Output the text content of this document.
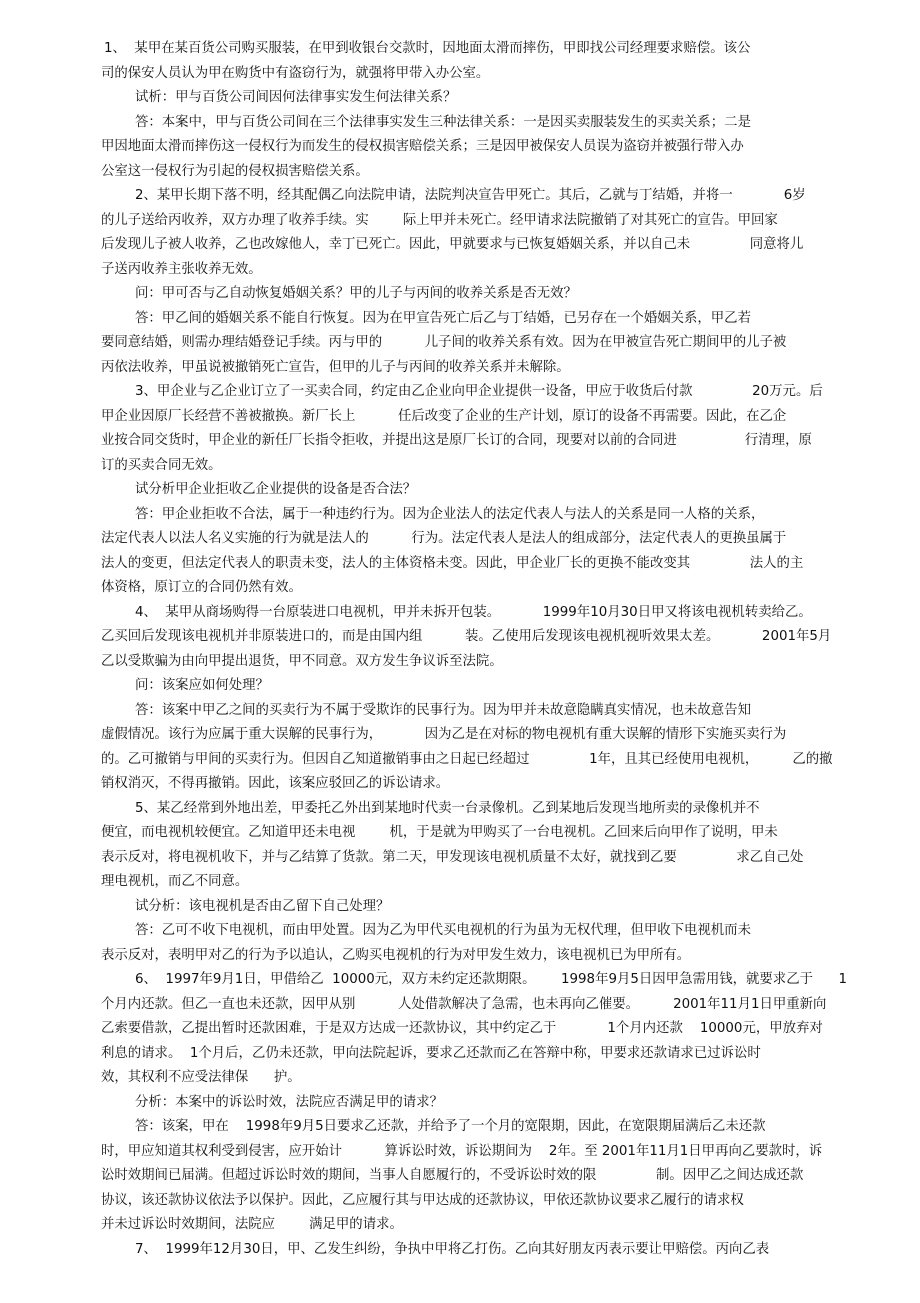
1、  某甲在某百货公司购买服装，在甲到收银台交款时，因地面太滑而摔伤，甲即找公司经理要求赔偿。该公
司的保安人员认为甲在购货中有盗窃行为，就强将甲带入办公室。
试析：甲与百货公司间因何法律事实发生何法律关系？
答：本案中，甲与百货公司间在三个法律事实发生三种法律关系：一是因买卖服装发生的买卖关系；二是
甲因地面太滑而摔伤这一侵权行为而发生的侵权损害赔偿关系；三是因甲被保安人员误为盗窃并被强行带入办
公室这一侵权行为引起的侵权损害赔偿关系。
2、某甲长期下落不明，经其配偶乙向法院申请，法院判决宣告甲死亡。其后，乙就与丁结婚，并将一            6岁
的儿子送给丙收养，双方办理了收养手续。实        际上甲并未死亡。经甲请求法院撤销了对其死亡的宣告。甲回家
后发现儿子被人收养，乙也改嫁他人，幸丁已死亡。因此，甲就要求与已恢复婚姻关系，并以自己未              同意将儿
子送丙收养主张收养无效。
问：甲可否与乙自动恢复婚姻关系？甲的儿子与丙间的收养关系是否无效？
答：甲乙间的婚姻关系不能自行恢复。因为在甲宣告死亡后乙与丁结婚，已另存在一个婚姻关系，甲乙若
要同意结婚，则需办理结婚登记手续。丙与甲的          儿子间的收养关系有效。因为在甲被宣告死亡期间甲的儿子被
丙依法收养，甲虽说被撤销死亡宣告，但甲的儿子与丙间的收养关系并未解除。
3、甲企业与乙企业订立了一买卖合同，约定由乙企业向甲企业提供一设备，甲应于收货后付款              20万元。后
甲企业因原厂长经营不善被撤换。新厂长上          任后改变了企业的生产计划，原订的设备不再需要。因此，在乙企
业按合同交货时，甲企业的新任厂长指令拒收，并提出这是原厂长订的合同，现要对以前的合同进                行清理，原
订的买卖合同无效。
试分析甲企业拒收乙企业提供的设备是否合法？
答：甲企业拒收不合法，属于一种违约行为。因为企业法人的法定代表人与法人的关系是同一人格的关系，
法定代表人以法人名义实施的行为就是法人的          行为。法定代表人是法人的组成部分，法定代表人的更换虽属于
法人的变更，但法定代表人的职责未变，法人的主体资格未变。因此，甲企业厂长的更换不能改变其              法人的主
体资格，原订立的合同仍然有效。
4、  某甲从商场购得一台原装进口电视机，甲并未拆开包装。          1999年10月30日甲又将该电视机转卖给乙。
乙买回后发现该电视机并非原装进口的，而是由国内组          装。乙使用后发现该电视机视听效果太差。          2001年5月
乙以受欺骗为由向甲提出退货，甲不同意。双方发生争议诉至法院。
问：该案应如何处理？
答：该案中甲乙之间的买卖行为不属于受欺诈的民事行为。因为甲并未故意隐瞒真实情况，也未故意告知
虚假情况。该行为应属于重大误解的民事行为，          因为乙是在对标的物电视机有重大误解的情形下实施买卖行为
的。乙可撤销与甲间的买卖行为。但因自乙知道撤销事由之日起已经超过              1年，且其已经使用电视机，        乙的撤
销权消灭，不得再撤销。因此，该案应驳回乙的诉讼请求。
5、某乙经常到外地出差，甲委托乙外出到某地时代卖一台录像机。乙到某地后发现当地所卖的录像机并不
便宜，而电视机较便宜。乙知道甲还未电视        机，于是就为甲购买了一台电视机。乙回来后向甲作了说明，甲未
表示反对，将电视机收下，并与乙结算了货款。第二天，甲发现该电视机质量不太好，就找到乙要              求乙自己处
理电视机，而乙不同意。
试分析：该电视机是否由乙留下自己处理？
答：乙可不收下电视机，而由甲处置。因为乙为甲代买电视机的行为虽为无权代理，但甲收下电视机而未
表示反对，表明甲对乙的行为予以追认，乙购买电视机的行为对甲发生效力，该电视机已为甲所有。
6、  1997年9月1日，甲借给乙  10000元，双方未约定还款期限。      1998年9月5日因甲急需用钱，就要求乙于      1
个月内还款。但乙一直也未还款，因甲从别          人处借款解决了急需，也未再向乙催要。        2001年11月1日甲重新向
乙索要借款，乙提出暂时还款困难，于是双方达成一还款协议，其中约定乙于            1个月内还款    10000元，甲放弃对
利息的请求。  1个月后，乙仍未还款，甲向法院起诉，要求乙还款而乙在答辩中称，甲要求还款请求已过诉讼时
效，其权利不应受法律保      护。
分析：本案中的诉讼时效，法院应否满足甲的请求？
答：该案，甲在    1998年9月5日要求乙还款，并给予了一个月的宽限期，因此，在宽限期届满后乙未还款
时，甲应知道其权利受到侵害，应开始计          算诉讼时效，诉讼期间为    2年。至 2001年11月1日甲再向乙要款时，诉
讼时效期间已届满。但超过诉讼时效的期间，当事人自愿履行的，不受诉讼时效的限              制。因甲乙之间达成还款
协议，该还款协议依法予以保护。因此，乙应履行其与甲达成的还款协议，甲依还款协议要求乙履行的请求权
并未过诉讼时效期间，法院应        满足甲的请求。
7、  1999年12月30日，甲、乙发生纠纷，争执中甲将乙打伤。乙向其好朋友丙表示要让甲赔偿。丙向乙表
